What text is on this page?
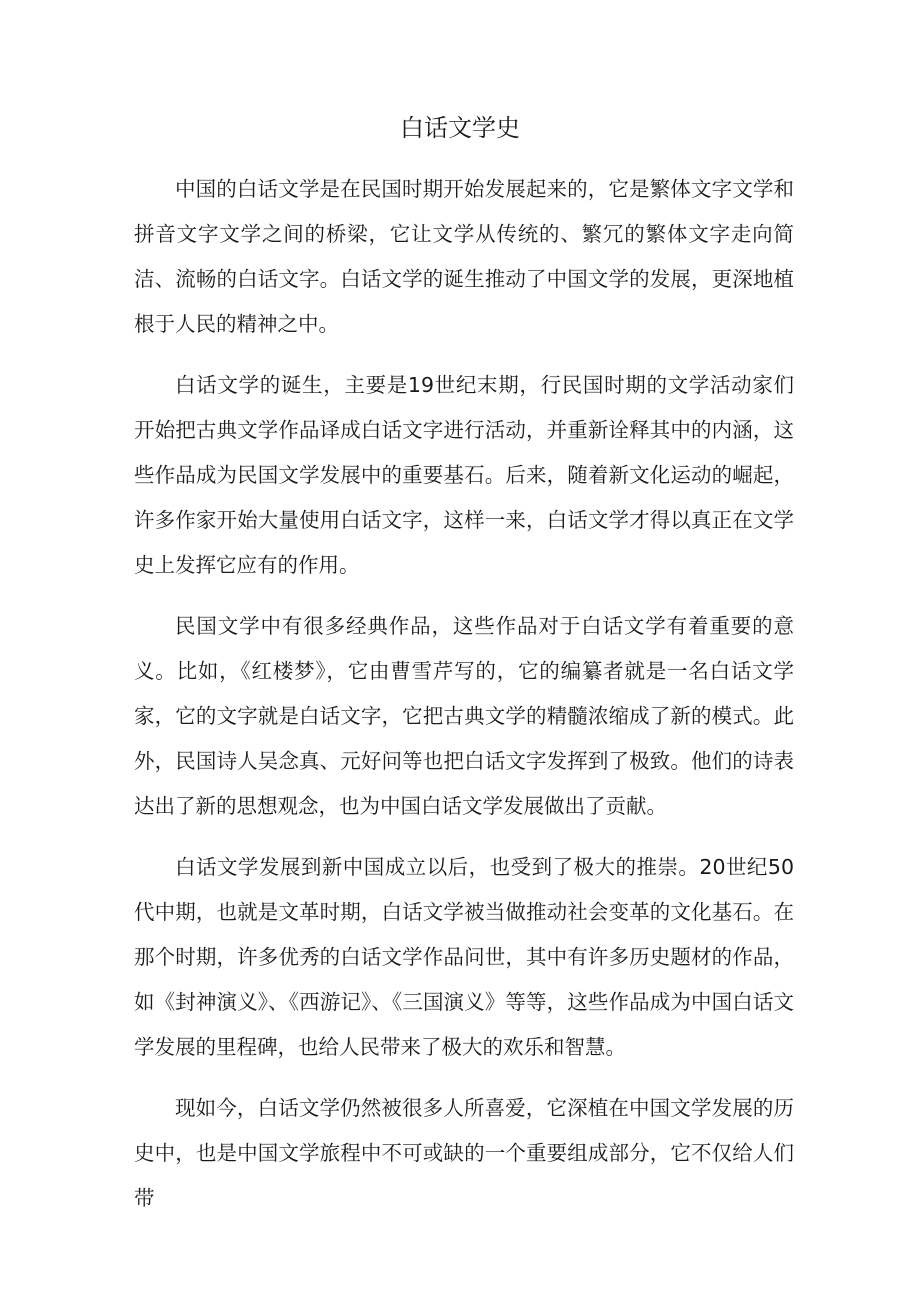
白话文学史

中国的白话文学是在民国时期开始发展起来的，它是繁体文字文学和拼音文字文学之间的桥梁，它让文学从传统的、繁冗的繁体文字走向简洁、流畅的白话文字。白话文学的诞生推动了中国文学的发展，更深地植根于人民的精神之中。

白话文学的诞生，主要是19世纪末期，行民国时期的文学活动家们开始把古典文学作品译成白话文字进行活动，并重新诠释其中的内涵，这些作品成为民国文学发展中的重要基石。后来，随着新文化运动的崛起，许多作家开始大量使用白话文字，这样一来，白话文学才得以真正在文学史上发挥它应有的作用。

民国文学中有很多经典作品，这些作品对于白话文学有着重要的意义。比如，《红楼梦》，它由曹雪芹写的，它的编纂者就是一名白话文学家，它的文字就是白话文字，它把古典文学的精髓浓缩成了新的模式。此外，民国诗人吴念真、元好问等也把白话文字发挥到了极致。他们的诗表达出了新的思想观念，也为中国白话文学发展做出了贡献。

白话文学发展到新中国成立以后，也受到了极大的推崇。20世纪50代中期，也就是文革时期，白话文学被当做推动社会变革的文化基石。在那个时期，许多优秀的白话文学作品问世，其中有许多历史题材的作品，如《封神演义》、《西游记》、《三国演义》等等，这些作品成为中国白话文学发展的里程碑，也给人民带来了极大的欢乐和智慧。

现如今，白话文学仍然被很多人所喜爱，它深植在中国文学发展的历史中，也是中国文学旅程中不可或缺的一个重要组成部分，它不仅给人们带
